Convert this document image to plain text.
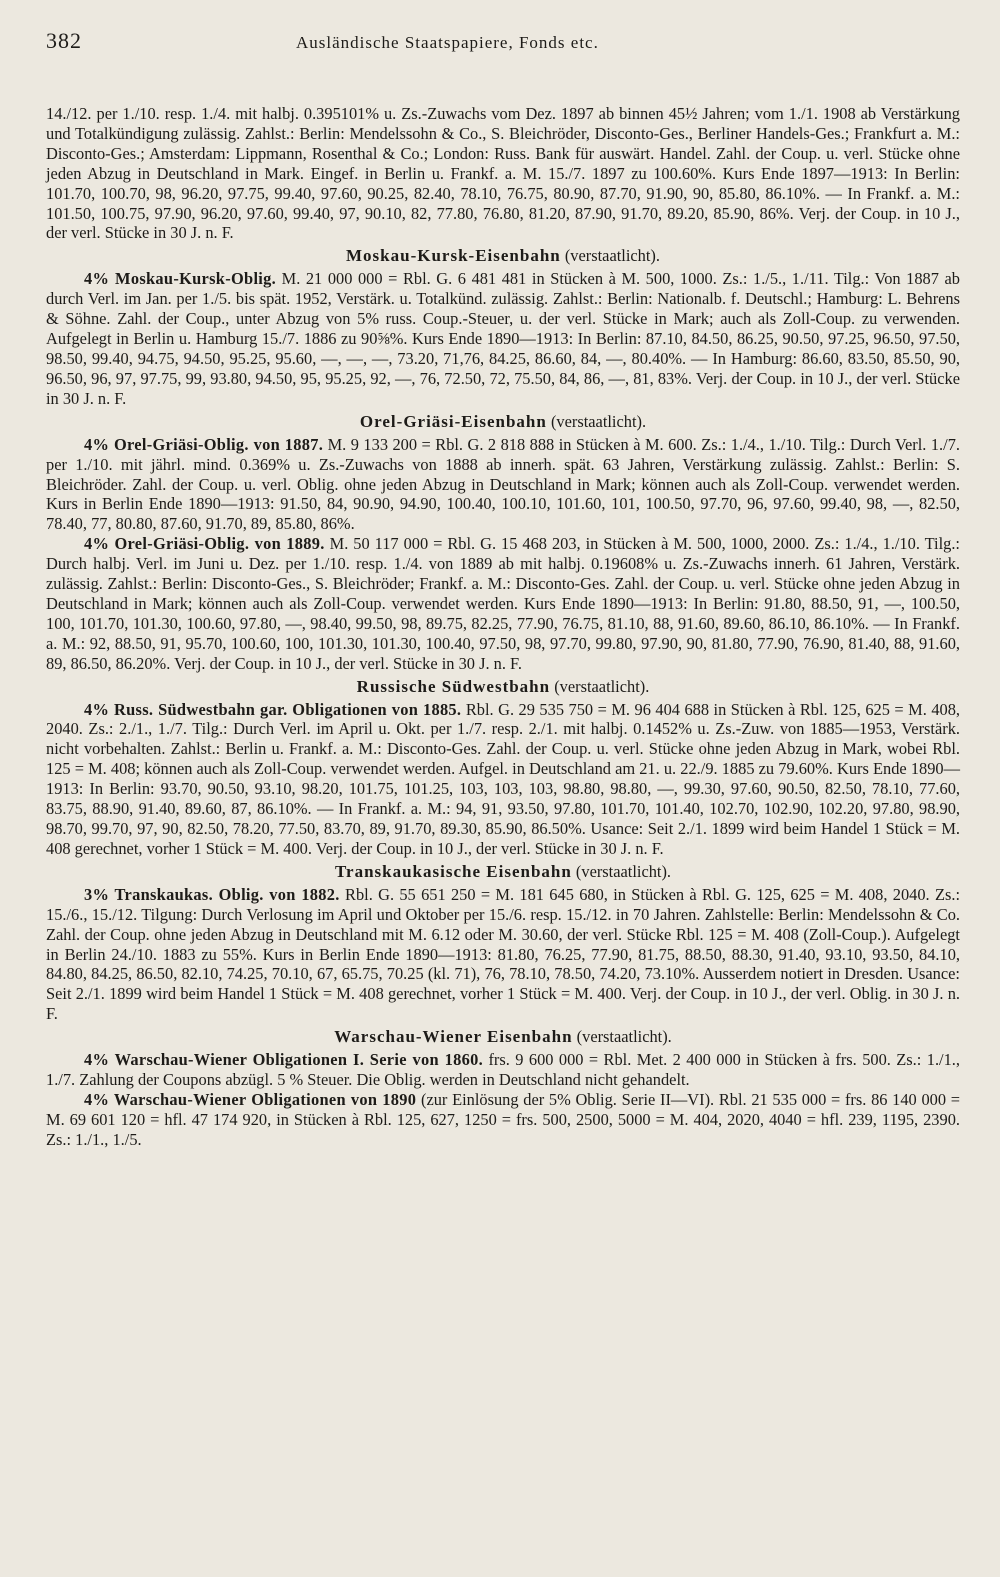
382	Ausländische Staatspapiere, Fonds etc.

14./12. per 1./10. resp. 1./4. mit halbj. 0.395101% u. Zs.-Zuwachs vom Dez. 1897 ab binnen 45½ Jahren; vom 1./1. 1908 ab Verstärkung und Totalkündigung zulässig. Zahlst.: Berlin: Mendelssohn & Co., S. Bleichröder, Disconto-Ges., Berliner Handels-Ges.; Frankfurt a. M.: Disconto-Ges.; Amsterdam: Lippmann, Rosenthal & Co.; London: Russ. Bank für auswärt. Handel. Zahl. der Coup. u. verl. Stücke ohne jeden Abzug in Deutschland in Mark. Eingef. in Berlin u. Frankf. a. M. 15./7. 1897 zu 100.60%. Kurs Ende 1897—1913: In Berlin: 101.70, 100.70, 98, 96.20, 97.75, 99.40, 97.60, 90.25, 82.40, 78.10, 76.75, 80.90, 87.70, 91.90, 90, 85.80, 86.10%. — In Frankf. a. M.: 101.50, 100.75, 97.90, 96.20, 97.60, 99.40, 97, 90.10, 82, 77.80, 76.80, 81.20, 87.90, 91.70, 89.20, 85.90, 86%. Verj. der Coup. in 10 J., der verl. Stücke in 30 J. n. F.

Moskau-Kursk-Eisenbahn (verstaatlicht).

4% Moskau-Kursk-Oblig. M. 21 000 000 = Rbl. G. 6 481 481 in Stücken à M. 500, 1000. Zs.: 1./5., 1./11. Tilg.: Von 1887 ab durch Verl. im Jan. per 1./5. bis spät. 1952, Verstärk. u. Totalkünd. zulässig. Zahlst.: Berlin: Nationalb. f. Deutschl.; Hamburg: L. Behrens & Söhne. Zahl. der Coup., unter Abzug von 5% russ. Coup.-Steuer, u. der verl. Stücke in Mark; auch als Zoll-Coup. zu verwenden. Aufgelegt in Berlin u. Hamburg 15./7. 1886 zu 90⅝%. Kurs Ende 1890—1913: In Berlin: 87.10, 84.50, 86.25, 90.50, 97.25, 96.50, 97.50, 98.50, 99.40, 94.75, 94.50, 95.25, 95.60, —, —, —, 73.20, 71,76, 84.25, 86.60, 84, —, 80.40%. — In Hamburg: 86.60, 83.50, 85.50, 90, 96.50, 96, 97, 97.75, 99, 93.80, 94.50, 95, 95.25, 92, —, 76, 72.50, 72, 75.50, 84, 86, —, 81, 83%. Verj. der Coup. in 10 J., der verl. Stücke in 30 J. n. F.

Orel-Griäsi-Eisenbahn (verstaatlicht).

4% Orel-Griäsi-Oblig. von 1887. M. 9 133 200 = Rbl. G. 2 818 888 in Stücken à M. 600. Zs.: 1./4., 1./10. Tilg.: Durch Verl. 1./7. per 1./10. mit jährl. mind. 0.369% u. Zs.-Zuwachs von 1888 ab innerh. spät. 63 Jahren, Verstärkung zulässig. Zahlst.: Berlin: S. Bleichröder. Zahl. der Coup. u. verl. Oblig. ohne jeden Abzug in Deutschland in Mark; können auch als Zoll-Coup. verwendet werden. Kurs in Berlin Ende 1890—1913: 91.50, 84, 90.90, 94.90, 100.40, 100.10, 101.60, 101, 100.50, 97.70, 96, 97.60, 99.40, 98, —, 82.50, 78.40, 77, 80.80, 87.60, 91.70, 89, 85.80, 86%.

4% Orel-Griäsi-Oblig. von 1889. M. 50 117 000 = Rbl. G. 15 468 203, in Stücken à M. 500, 1000, 2000. Zs.: 1./4., 1./10. Tilg.: Durch halbj. Verl. im Juni u. Dez. per 1./10. resp. 1./4. von 1889 ab mit halbj. 0.19608% u. Zs.-Zuwachs innerh. 61 Jahren, Verstärk. zulässig. Zahlst.: Berlin: Disconto-Ges., S. Bleichröder; Frankf. a. M.: Disconto-Ges. Zahl. der Coup. u. verl. Stücke ohne jeden Abzug in Deutschland in Mark; können auch als Zoll-Coup. verwendet werden. Kurs Ende 1890—1913: In Berlin: 91.80, 88.50, 91, —, 100.50, 100, 101.70, 101.30, 100.60, 97.80, —, 98.40, 99.50, 98, 89.75, 82.25, 77.90, 76.75, 81.10, 88, 91.60, 89.60, 86.10, 86.10%. — In Frankf. a. M.: 92, 88.50, 91, 95.70, 100.60, 100, 101.30, 101.30, 100.40, 97.50, 98, 97.70, 99.80, 97.90, 90, 81.80, 77.90, 76.90, 81.40, 88, 91.60, 89, 86.50, 86.20%. Verj. der Coup. in 10 J., der verl. Stücke in 30 J. n. F.

Russische Südwestbahn (verstaatlicht).

4% Russ. Südwestbahn gar. Obligationen von 1885. Rbl. G. 29 535 750 = M. 96 404 688 in Stücken à Rbl. 125, 625 = M. 408, 2040. Zs.: 2./1., 1./7. Tilg.: Durch Verl. im April u. Okt. per 1./7. resp. 2./1. mit halbj. 0.1452% u. Zs.-Zuw. von 1885—1953, Verstärk. nicht vorbehalten. Zahlst.: Berlin u. Frankf. a. M.: Disconto-Ges. Zahl. der Coup. u. verl. Stücke ohne jeden Abzug in Mark, wobei Rbl. 125 = M. 408; können auch als Zoll-Coup. verwendet werden. Aufgel. in Deutschland am 21. u. 22./9. 1885 zu 79.60%. Kurs Ende 1890—1913: In Berlin: 93.70, 90.50, 93.10, 98.20, 101.75, 101.25, 103, 103, 103, 98.80, 98.80, —, 99.30, 97.60, 90.50, 82.50, 78.10, 77.60, 83.75, 88.90, 91.40, 89.60, 87, 86.10%. — In Frankf. a. M.: 94, 91, 93.50, 97.80, 101.70, 101.40, 102.70, 102.90, 102.20, 97.80, 98.90, 98.70, 99.70, 97, 90, 82.50, 78.20, 77.50, 83.70, 89, 91.70, 89.30, 85.90, 86.50%. Usance: Seit 2./1. 1899 wird beim Handel 1 Stück = M. 408 gerechnet, vorher 1 Stück = M. 400. Verj. der Coup. in 10 J., der verl. Stücke in 30 J. n. F.

Transkaukasische Eisenbahn (verstaatlicht).

3% Transkaukas. Oblig. von 1882. Rbl. G. 55 651 250 = M. 181 645 680, in Stücken à Rbl. G. 125, 625 = M. 408, 2040. Zs.: 15./6., 15./12. Tilgung: Durch Verlosung im April und Oktober per 15./6. resp. 15./12. in 70 Jahren. Zahlstelle: Berlin: Mendelssohn & Co. Zahl. der Coup. ohne jeden Abzug in Deutschland mit M. 6.12 oder M. 30.60, der verl. Stücke Rbl. 125 = M. 408 (Zoll-Coup.). Aufgelegt in Berlin 24./10. 1883 zu 55%. Kurs in Berlin Ende 1890—1913: 81.80, 76.25, 77.90, 81.75, 88.50, 88.30, 91.40, 93.10, 93.50, 84.10, 84.80, 84.25, 86.50, 82.10, 74.25, 70.10, 67, 65.75, 70.25 (kl. 71), 76, 78.10, 78.50, 74.20, 73.10%. Ausserdem notiert in Dresden. Usance: Seit 2./1. 1899 wird beim Handel 1 Stück = M. 408 gerechnet, vorher 1 Stück = M. 400. Verj. der Coup. in 10 J., der verl. Oblig. in 30 J. n. F.

Warschau-Wiener Eisenbahn (verstaatlicht).

4% Warschau-Wiener Obligationen I. Serie von 1860. frs. 9 600 000 = Rbl. Met. 2 400 000 in Stücken à frs. 500. Zs.: 1./1., 1./7. Zahlung der Coupons abzügl. 5 % Steuer. Die Oblig. werden in Deutschland nicht gehandelt.

4% Warschau-Wiener Obligationen von 1890 (zur Einlösung der 5% Oblig. Serie II—VI). Rbl. 21 535 000 = frs. 86 140 000 = M. 69 601 120 = hfl. 47 174 920, in Stücken à Rbl. 125, 627, 1250 = frs. 500, 2500, 5000 = M. 404, 2020, 4040 = hfl. 239, 1195, 2390. Zs.: 1./1., 1./5.
